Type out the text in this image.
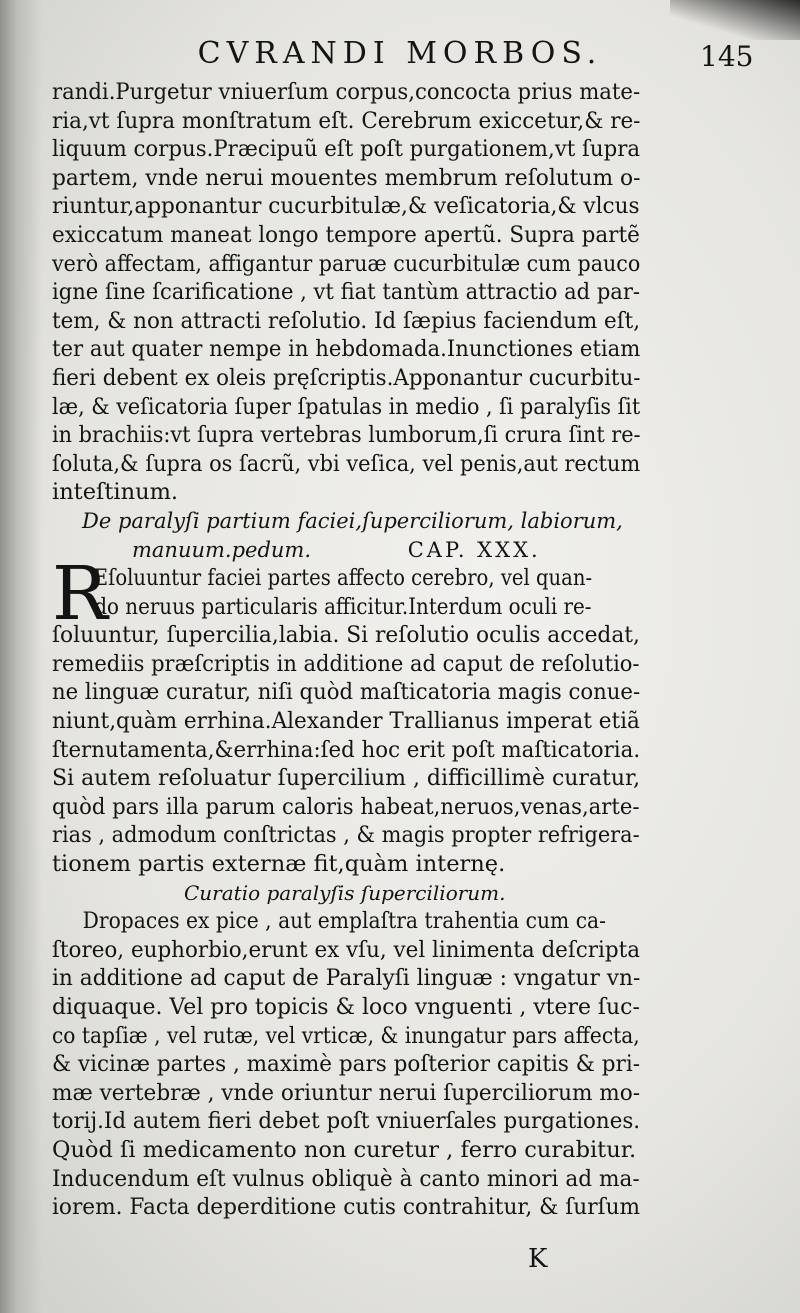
CVRANDI MORBOS.	145
randi.Purgetur vniuerſum corpus,concocta prius mate-
ria,vt ſupra monſtratum eſt. Cerebrum exiccetur,& re-
liquum corpus.Præcipuũ eſt poſt purgationem,vt ſupra
partem, vnde nerui mouentes membrum reſolutum o-
riuntur,apponantur cucurbitulæ,& veſicatoria,& vlcus
exiccatum maneat longo tempore apertũ. Supra partẽ
verò affectam, affigantur paruæ cucurbitulæ cum pauco
igne ſine ſcarificatione , vt fiat tantùm attractio ad par-
tem, & non attracti reſolutio. Id ſæpius faciendum eſt,
ter aut quater nempe in hebdomada.Inunctiones etiam
fieri debent ex oleis pręſcriptis.Apponantur cucurbitu-
læ, & veſicatoria ſuper ſpatulas in medio , ſi paralyſis ſit
in brachiis:vt ſupra vertebras lumborum,ſi crura ſint re-
ſoluta,& ſupra os ſacrũ, vbi veſica, vel penis,aut rectum
inteſtinum.
De paralyſi partium faciei,ſuperciliorum, labiorum,
manuum.pedum.	CAP. XXX.
R
Eſoluuntur faciei partes affecto cerebro, vel quan-
do neruus particularis afficitur.Interdum oculi re-
ſoluuntur, ſupercilia,labia. Si reſolutio oculis accedat,
remediis præſcriptis in additione ad caput de reſolutio-
ne linguæ curatur, niſi quòd maſticatoria magis conue-
niunt,quàm errhina.Alexander Trallianus imperat etiã
ſternutamenta,&errhina:ſed hoc erit poſt maſticatoria.
Si autem reſoluatur ſupercilium , difficillimè curatur,
quòd pars illa parum caloris habeat,neruos,venas,arte-
rias , admodum conſtrictas , & magis propter refrigera-
tionem partis externæ fit,quàm internę.
Curatio paralyſis ſuperciliorum.
Dropaces ex pice , aut emplaſtra trahentia cum ca-
ſtoreo, euphorbio,erunt ex vſu, vel linimenta deſcripta
in additione ad caput de Paralyſi linguæ : vngatur vn-
diquaque. Vel pro topicis & loco vnguenti , vtere ſuc-
co tapſiæ , vel rutæ, vel vrticæ, & inungatur pars affecta,
& vicinæ partes , maximè pars poſterior capitis & pri-
mæ vertebræ , vnde oriuntur nerui ſuperciliorum mo-
torij.Id autem fieri debet poſt vniuerſales purgationes.
Quòd ſi medicamento non curetur , ferro curabitur.
Inducendum eſt vulnus obliquè à canto minori ad ma-
iorem. Facta deperditione cutis contrahitur, & ſurſum
K
